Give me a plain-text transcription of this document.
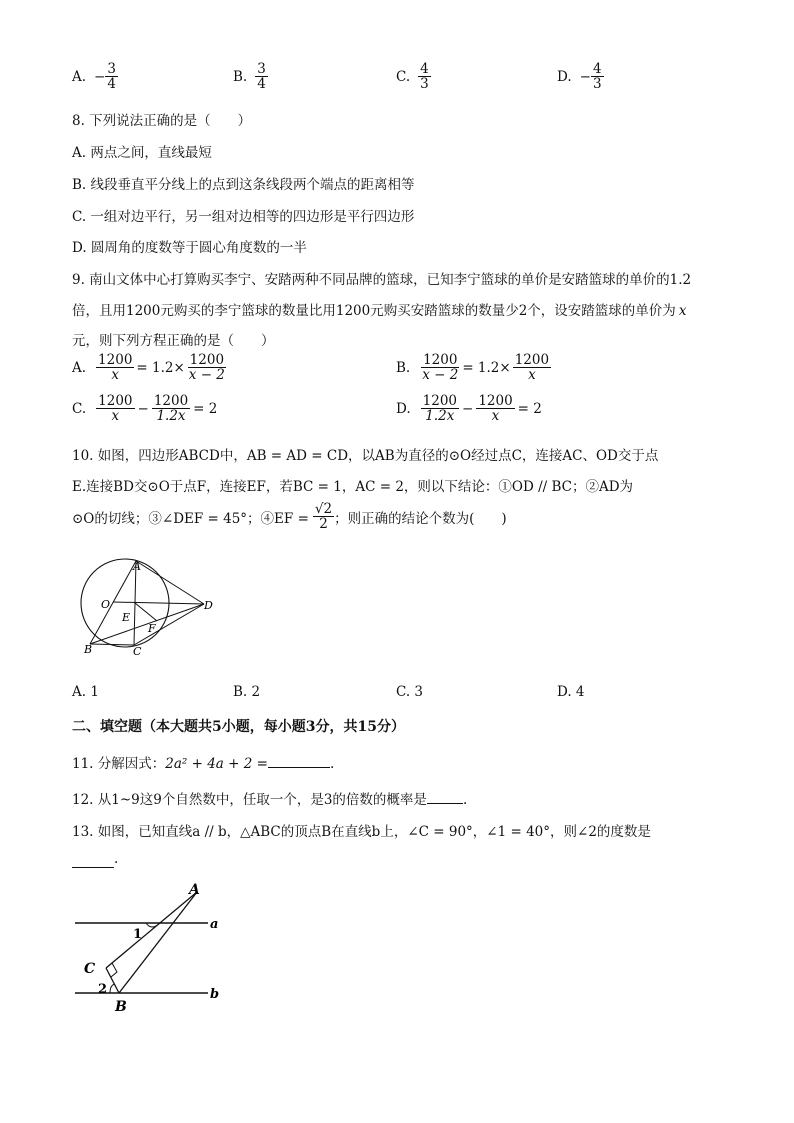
A. − $\frac{3}{4}$	B. $\frac{3}{4}$	C. $\frac{4}{3}$	D. − $\frac{4}{3}$
8. 下列说法正确的是（　　）
A. 两点之间，直线最短
B. 线段垂直平分线上的点到这条线段两个端点的距离相等
C. 一组对边平行，另一组对边相等的四边形是平行四边形
D. 圆周角的度数等于圆心角度数的一半
9. 南山文体中心打算购买李宁、安踏两种不同品牌的篮球，已知李宁篮球的单价是安踏篮球的单价的1.2
倍，且用1200元购买的李宁篮球的数量比用1200元购买安踏篮球的数量少2个，设安踏篮球的单价为 x
元，则下列方程正确的是（　　）
A. $\frac{1200}{x} = 1.2\times \frac{1200}{x - 2}$	B. $\frac{1200}{x - 2} = 1.2\times \frac{1200}{x}$
C. $\frac{1200}{x} - \frac{1200}{1.2x} = 2$	D. $\frac{1200}{1.2x} - \frac{1200}{x} = 2$
10. 如图，四边形ABCD中，AB = AD = CD，以AB为直径的⊙O经过点C，连接AC、OD交于点
E.连接BD交⊙O于点F，连接EF，若BC = 1，AC = 2，则以下结论：①OD // BC；②AD为
⊙O的切线；③∠DEF = 45°；④EF = $\frac{√2}{2}$ ；则正确的结论个数为(　　)
A
O
E
F
D
B	C
A. 1	B. 2	C. 3	D. 4
二、填空题（本大题共5小题，每小题3分，共15分）
11. 分解因式：2a² + 4a + 2 =	.
12. 从1~9这9个自然数中，任取一个，是3的倍数的概率是	.
13. 如图，已知直线a // b，△ABC的顶点B在直线b上，∠C = 90°，∠1 = 40°，则∠2的度数是
.
A
a
1
C
2
B
b
